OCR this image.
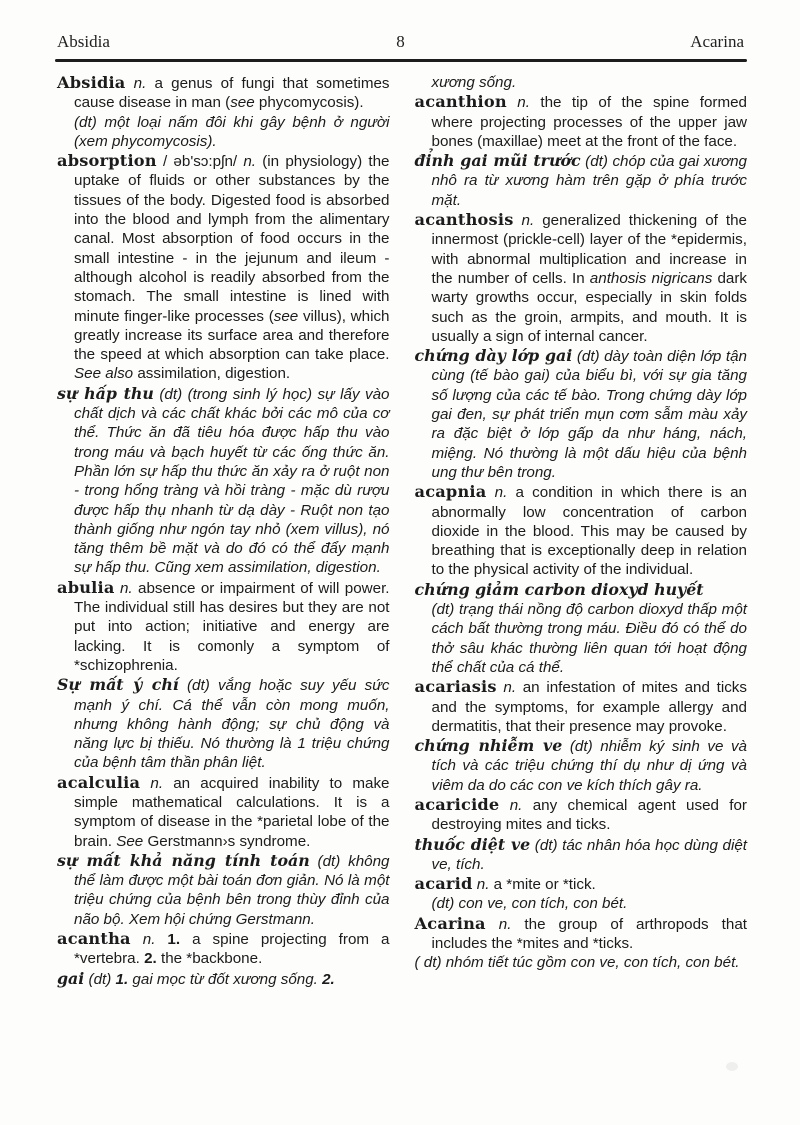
Absidia	8	Acarina

Absidia n. a genus of fungi that sometimes cause disease in man (see phycomycosis).

(dt) một loại nấm đôi khi gây bệnh ở người (xem phycomycosis).

absorption / əb'sɔ:pʃn/ n. (in physiology) the uptake of fluids or other substances by the tissues of the body. Digested food is absorbed into the blood and lymph from the alimentary canal. Most absorption of food occurs in the small intestine - in the jejunum and ileum - although alcohol is readily absorbed from the stomach. The small intestine is lined with minute finger-like processes (see villus), which greatly increase its surface area and therefore the speed at which absorption can take place. See also assimilation, digestion.

sự hấp thu (dt) (trong sinh lý học) sự lấy vào chất dịch và các chất khác bởi các mô của cơ thể. Thức ăn đã tiêu hóa được hấp thu vào trong máu và bạch huyết từ các ống thức ăn. Phần lớn sự hấp thu thức ăn xảy ra ở ruột non - trong hổng tràng và hồi tràng - mặc dù rượu được hấp thụ nhanh từ dạ dày - Ruột non tạo thành giống như ngón tay nhỏ (xem villus), nó tăng thêm bề mặt và do đó có thể đẩy mạnh sự hấp thu. Cũng xem assimilation, digestion.

abulia n. absence or impairment of will power. The individual still has desires but they are not put into action; initiative and energy are lacking. It is comonly a symptom of *schizophrenia.

Sự mất ý chí (dt) vắng hoặc suy yếu sức mạnh ý chí. Cá thể vẫn còn mong muốn, nhưng không hành động; sự chủ động và năng lực bị thiếu. Nó thường là 1 triệu chứng của bệnh tâm thần phân liệt.

acalculia n. an acquired inability to make simple mathematical calculations. It is a symptom of disease in the *parietal lobe of the brain. See Gerstmann›s syndrome.

sự mất khả năng tính toán (dt) không thể làm được một bài toán đơn giản. Nó là một triệu chứng của bệnh bên trong thùy đỉnh của não bộ. Xem hội chứng Gerstmann.

acantha n. 1. a spine projecting from a *vertebra. 2. the *backbone.

gai (dt) 1. gai mọc từ đốt xương sống. 2.

xương sống.

acanthion n. the tip of the spine formed where projecting processes of the upper jaw bones (maxillae) meet at the front of the face.

đỉnh gai mũi trước (dt) chóp của gai xương nhô ra từ xương hàm trên gặp ở phía trước mặt.

acanthosis n. generalized thickening of the innermost (prickle-cell) layer of the *epidermis, with abnormal multiplication and increase in the number of cells. In anthosis nigricans dark warty growths occur, especially in skin folds such as the groin, armpits, and mouth. It is usually a sign of internal cancer.

chứng dày lớp gai (dt) dày toàn diện lớp tận cùng (tế bào gai) của biểu bì, với sự gia tăng số lượng của các tế bào. Trong chứng dày lớp gai đen, sự phát triển mụn cơm sẫm màu xảy ra đặc biệt ở lớp gấp da như háng, nách, miệng. Nó thường là một dấu hiệu của bệnh ung thư bên trong.

acapnia n. a condition in which there is an abnormally low concentration of carbon dioxide in the blood. This may be caused by breathing that is exceptionally deep in relation to the physical activity of the individual.

chứng giảm carbon dioxyd huyết

(dt) trạng thái nồng độ carbon dioxyd thấp một cách bất thường trong máu. Điều đó có thể do thở sâu khác thường liên quan tới hoạt động thể chất của cá thể.

acariasis n. an infestation of mites and ticks and the symptoms, for example allergy and dermatitis, that their presence may provoke.

chứng nhiễm ve (dt) nhiễm ký sinh ve và tích và các triệu chứng thí dụ như dị ứng và viêm da do các con ve kích thích gây ra.

acaricide n. any chemical agent used for destroying mites and ticks.

thuốc diệt ve (dt) tác nhân hóa học dùng diệt ve, tích.

acarid n. a *mite or *tick.

(dt) con ve, con tích, con bét.

Acarina n. the group of arthropods that includes the *mites and *ticks.

( dt) nhóm tiết túc gồm con ve, con tích, con bét.
